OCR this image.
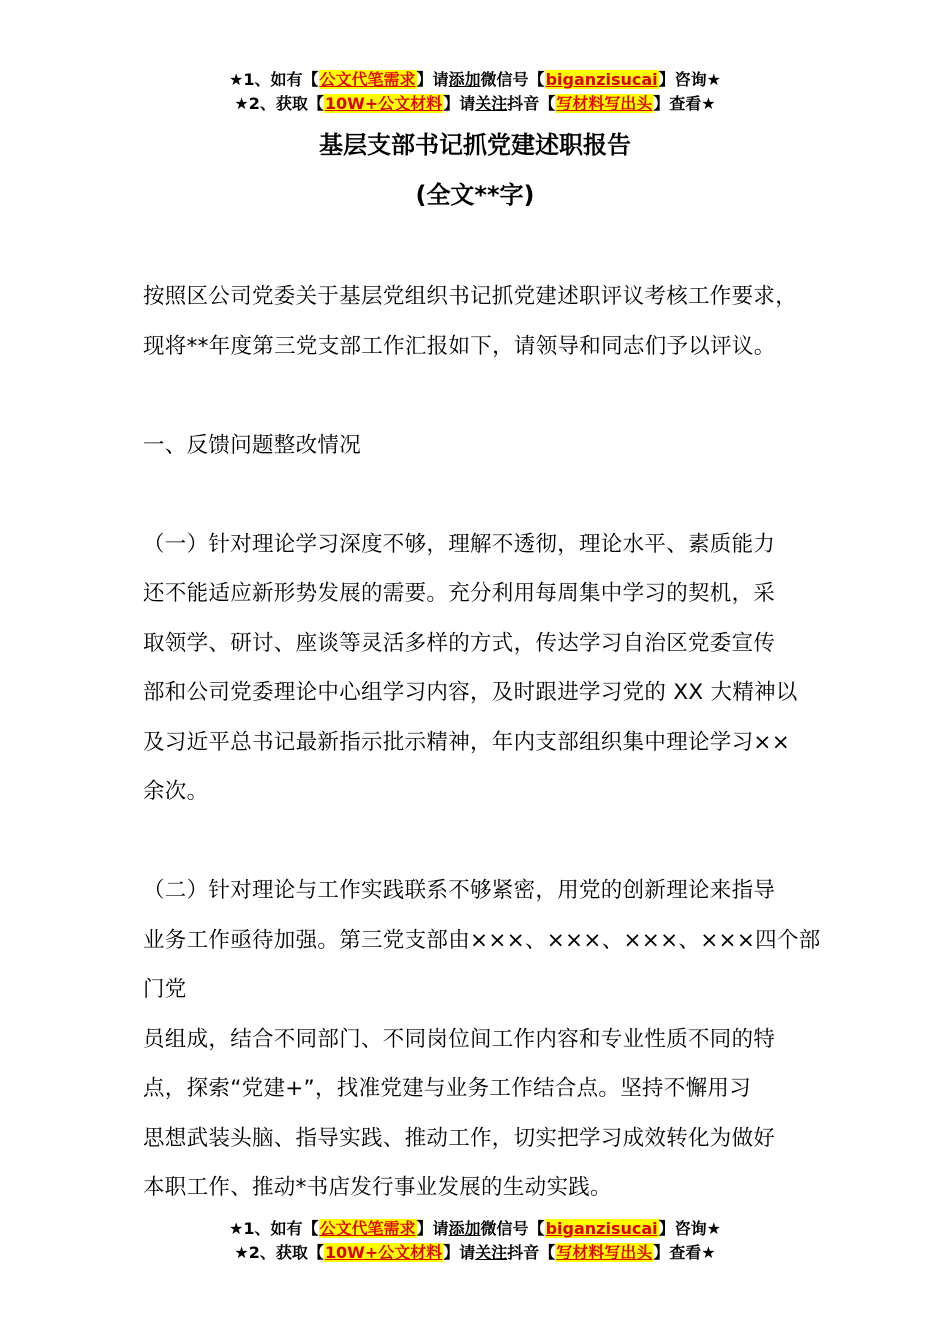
★1、如有【公文代笔需求】请添加微信号【biganzisucai】咨询★
★2、获取【10W+公文材料】请关注抖音【写材料写出头】查看★
基层支部书记抓党建述职报告
(全文**字)

按照区公司党委关于基层党组织书记抓党建述职评议考核工作要求，

现将**年度第三党支部工作汇报如下，请领导和同志们予以评议。

一、反馈问题整改情况

（一）针对理论学习深度不够，理解不透彻，理论水平、素质能力

还不能适应新形势发展的需要。充分利用每周集中学习的契机，采

取领学、研讨、座谈等灵活多样的方式，传达学习自治区党委宣传

部和公司党委理论中心组学习内容，及时跟进学习党的 XX 大精神以

及习近平总书记最新指示批示精神，年内支部组织集中理论学习××

余次。

（二）针对理论与工作实践联系不够紧密，用党的创新理论来指导

业务工作亟待加强。第三党支部由×××、×××、×××、×××四个部门党

员组成，结合不同部门、不同岗位间工作内容和专业性质不同的特

点，探索“党建+”，找准党建与业务工作结合点。坚持不懈用习

思想武装头脑、指导实践、推动工作，切实把学习成效转化为做好

本职工作、推动*书店发行事业发展的生动实践。

★1、如有【公文代笔需求】请添加微信号【biganzisucai】咨询★
★2、获取【10W+公文材料】请关注抖音【写材料写出头】查看★
